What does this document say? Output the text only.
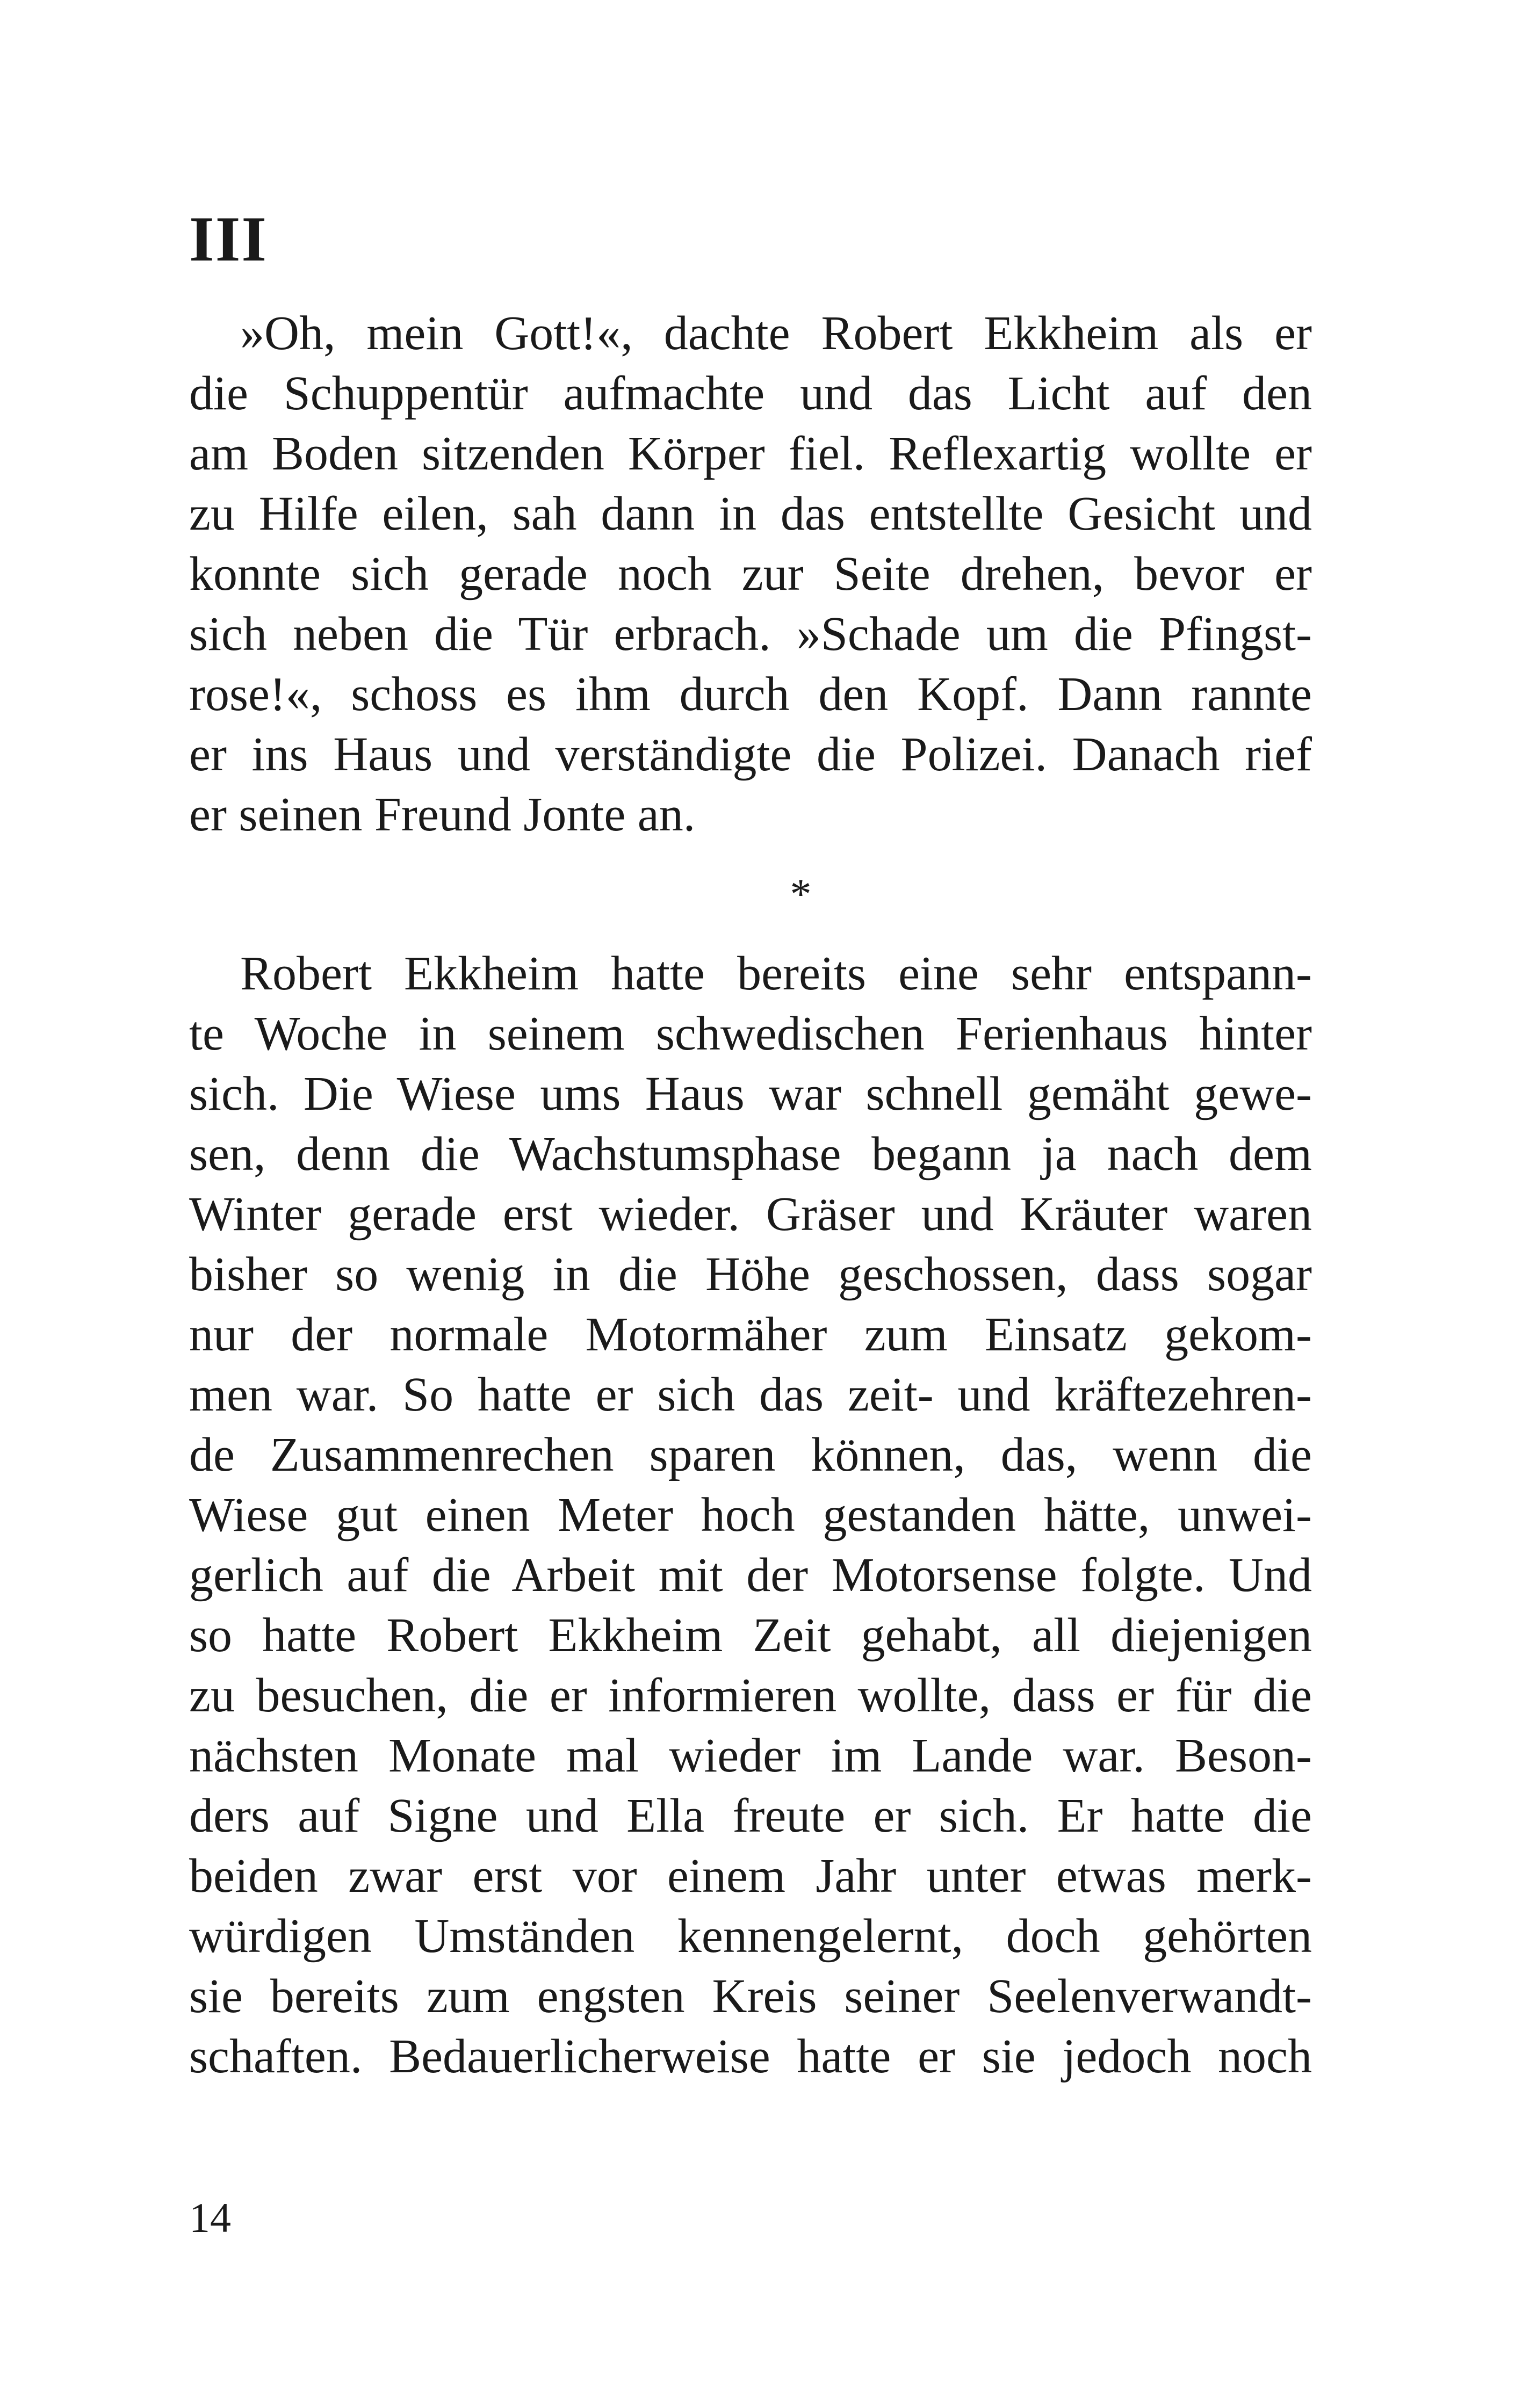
III
»Oh, mein Gott!«, dachte Robert Ekkheim als er
die Schuppentür aufmachte und das Licht auf den
am Boden sitzenden Körper fiel. Reflexartig wollte er
zu Hilfe eilen, sah dann in das entstellte Gesicht und
konnte sich gerade noch zur Seite drehen, bevor er
sich neben die Tür erbrach. »Schade um die Pfingst-
rose!«, schoss es ihm durch den Kopf. Dann rannte
er ins Haus und verständigte die Polizei. Danach rief
er seinen Freund Jonte an.
*
Robert Ekkheim hatte bereits eine sehr entspann-
te Woche in seinem schwedischen Ferienhaus hinter
sich. Die Wiese ums Haus war schnell gemäht gewe-
sen, denn die Wachstumsphase begann ja nach dem
Winter gerade erst wieder. Gräser und Kräuter waren
bisher so wenig in die Höhe geschossen, dass sogar
nur der normale Motormäher zum Einsatz gekom-
men war. So hatte er sich das zeit- und kräftezehren-
de Zusammenrechen sparen können, das, wenn die
Wiese gut einen Meter hoch gestanden hätte, unwei-
gerlich auf die Arbeit mit der Motorsense folgte. Und
so hatte Robert Ekkheim Zeit gehabt, all diejenigen
zu besuchen, die er informieren wollte, dass er für die
nächsten Monate mal wieder im Lande war. Beson-
ders auf Signe und Ella freute er sich. Er hatte die
beiden zwar erst vor einem Jahr unter etwas merk-
würdigen Umständen kennengelernt, doch gehörten
sie bereits zum engsten Kreis seiner Seelenverwandt-
schaften. Bedauerlicherweise hatte er sie jedoch noch
14
